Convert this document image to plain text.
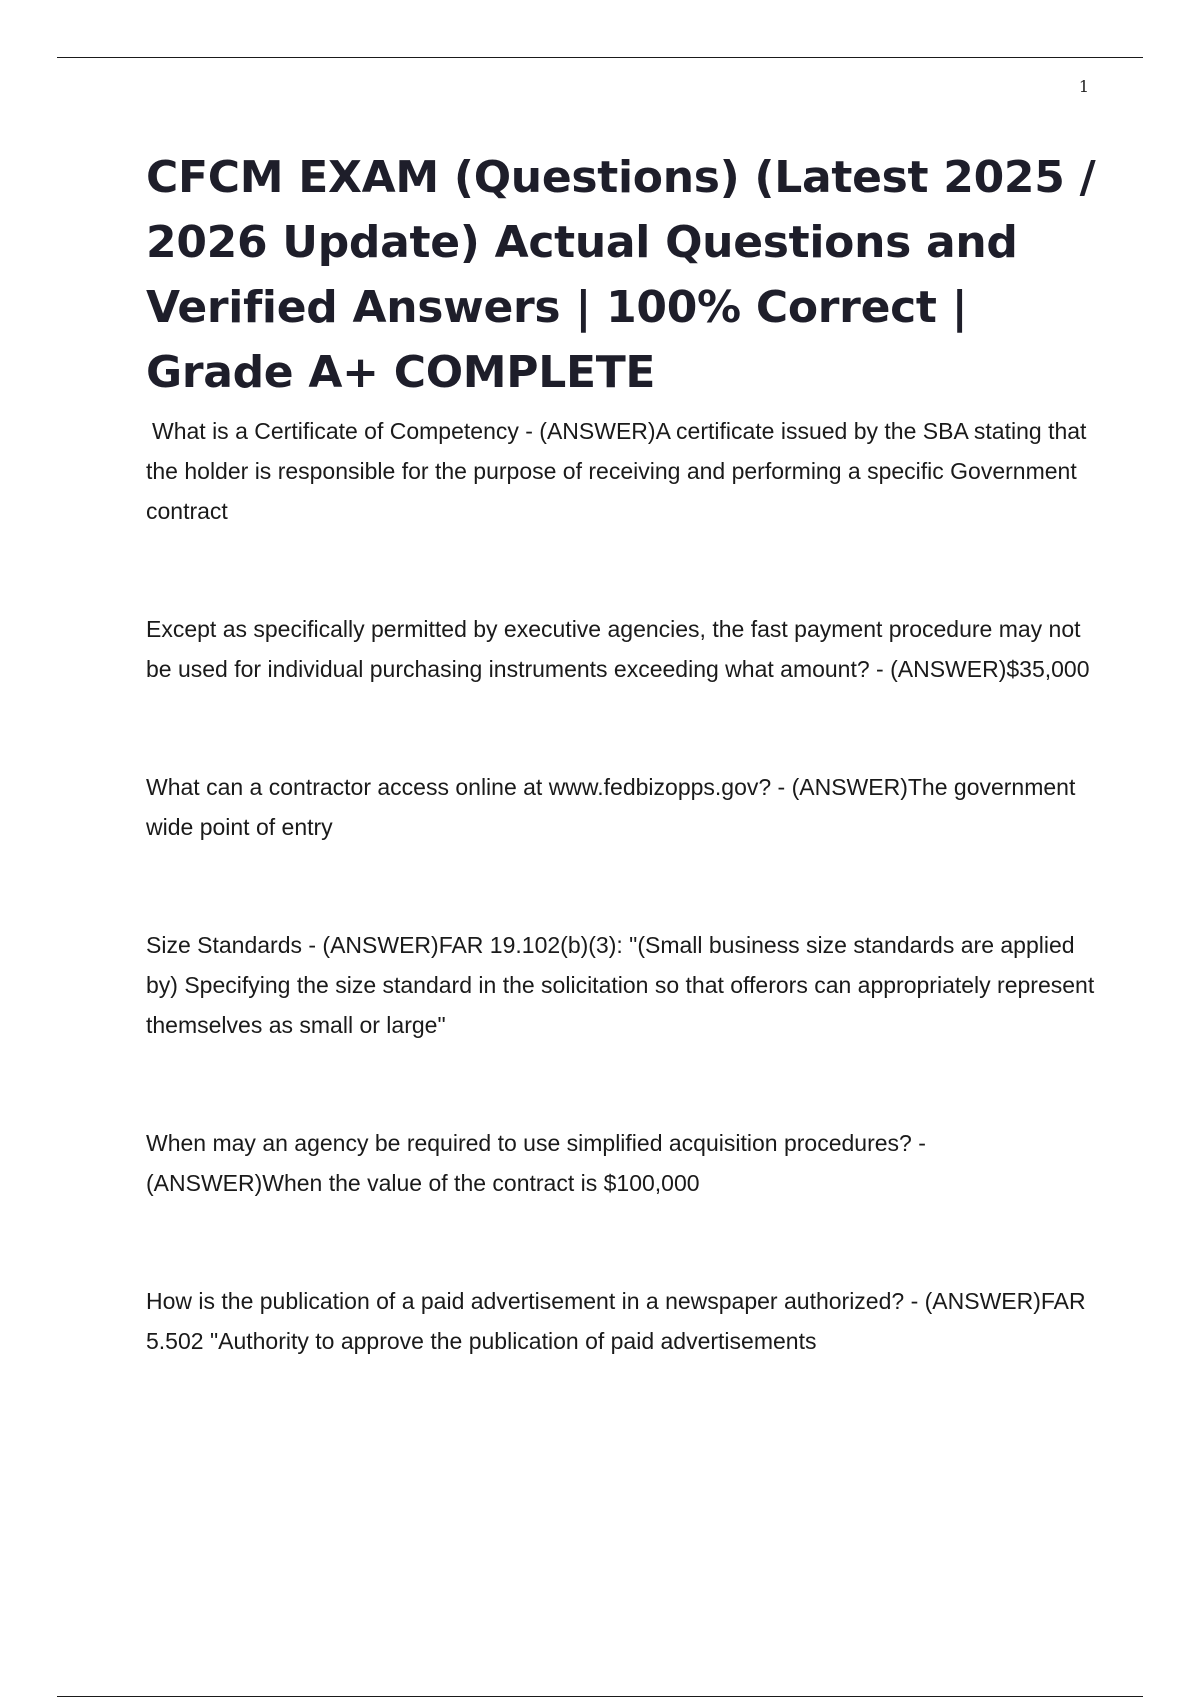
1
CFCM EXAM (Questions) (Latest 2025 / 2026 Update) Actual Questions and Verified Answers | 100% Correct | Grade A+ COMPLETE

What is a Certificate of Competency - (ANSWER)A certificate issued by the SBA stating that the holder is responsible for the purpose of receiving and performing a specific Government contract

Except as specifically permitted by executive agencies, the fast payment procedure may not be used for individual purchasing instruments exceeding what amount? - (ANSWER)$35,000

What can a contractor access online at www.fedbizopps.gov? - (ANSWER)The government wide point of entry

Size Standards - (ANSWER)FAR 19.102(b)(3): "(Small business size standards are applied by) Specifying the size standard in the solicitation so that offerors can appropriately represent themselves as small or large"

When may an agency be required to use simplified acquisition procedures? - (ANSWER)When the value of the contract is $100,000

How is the publication of a paid advertisement in a newspaper authorized? - (ANSWER)FAR 5.502 "Authority to approve the publication of paid advertisements
